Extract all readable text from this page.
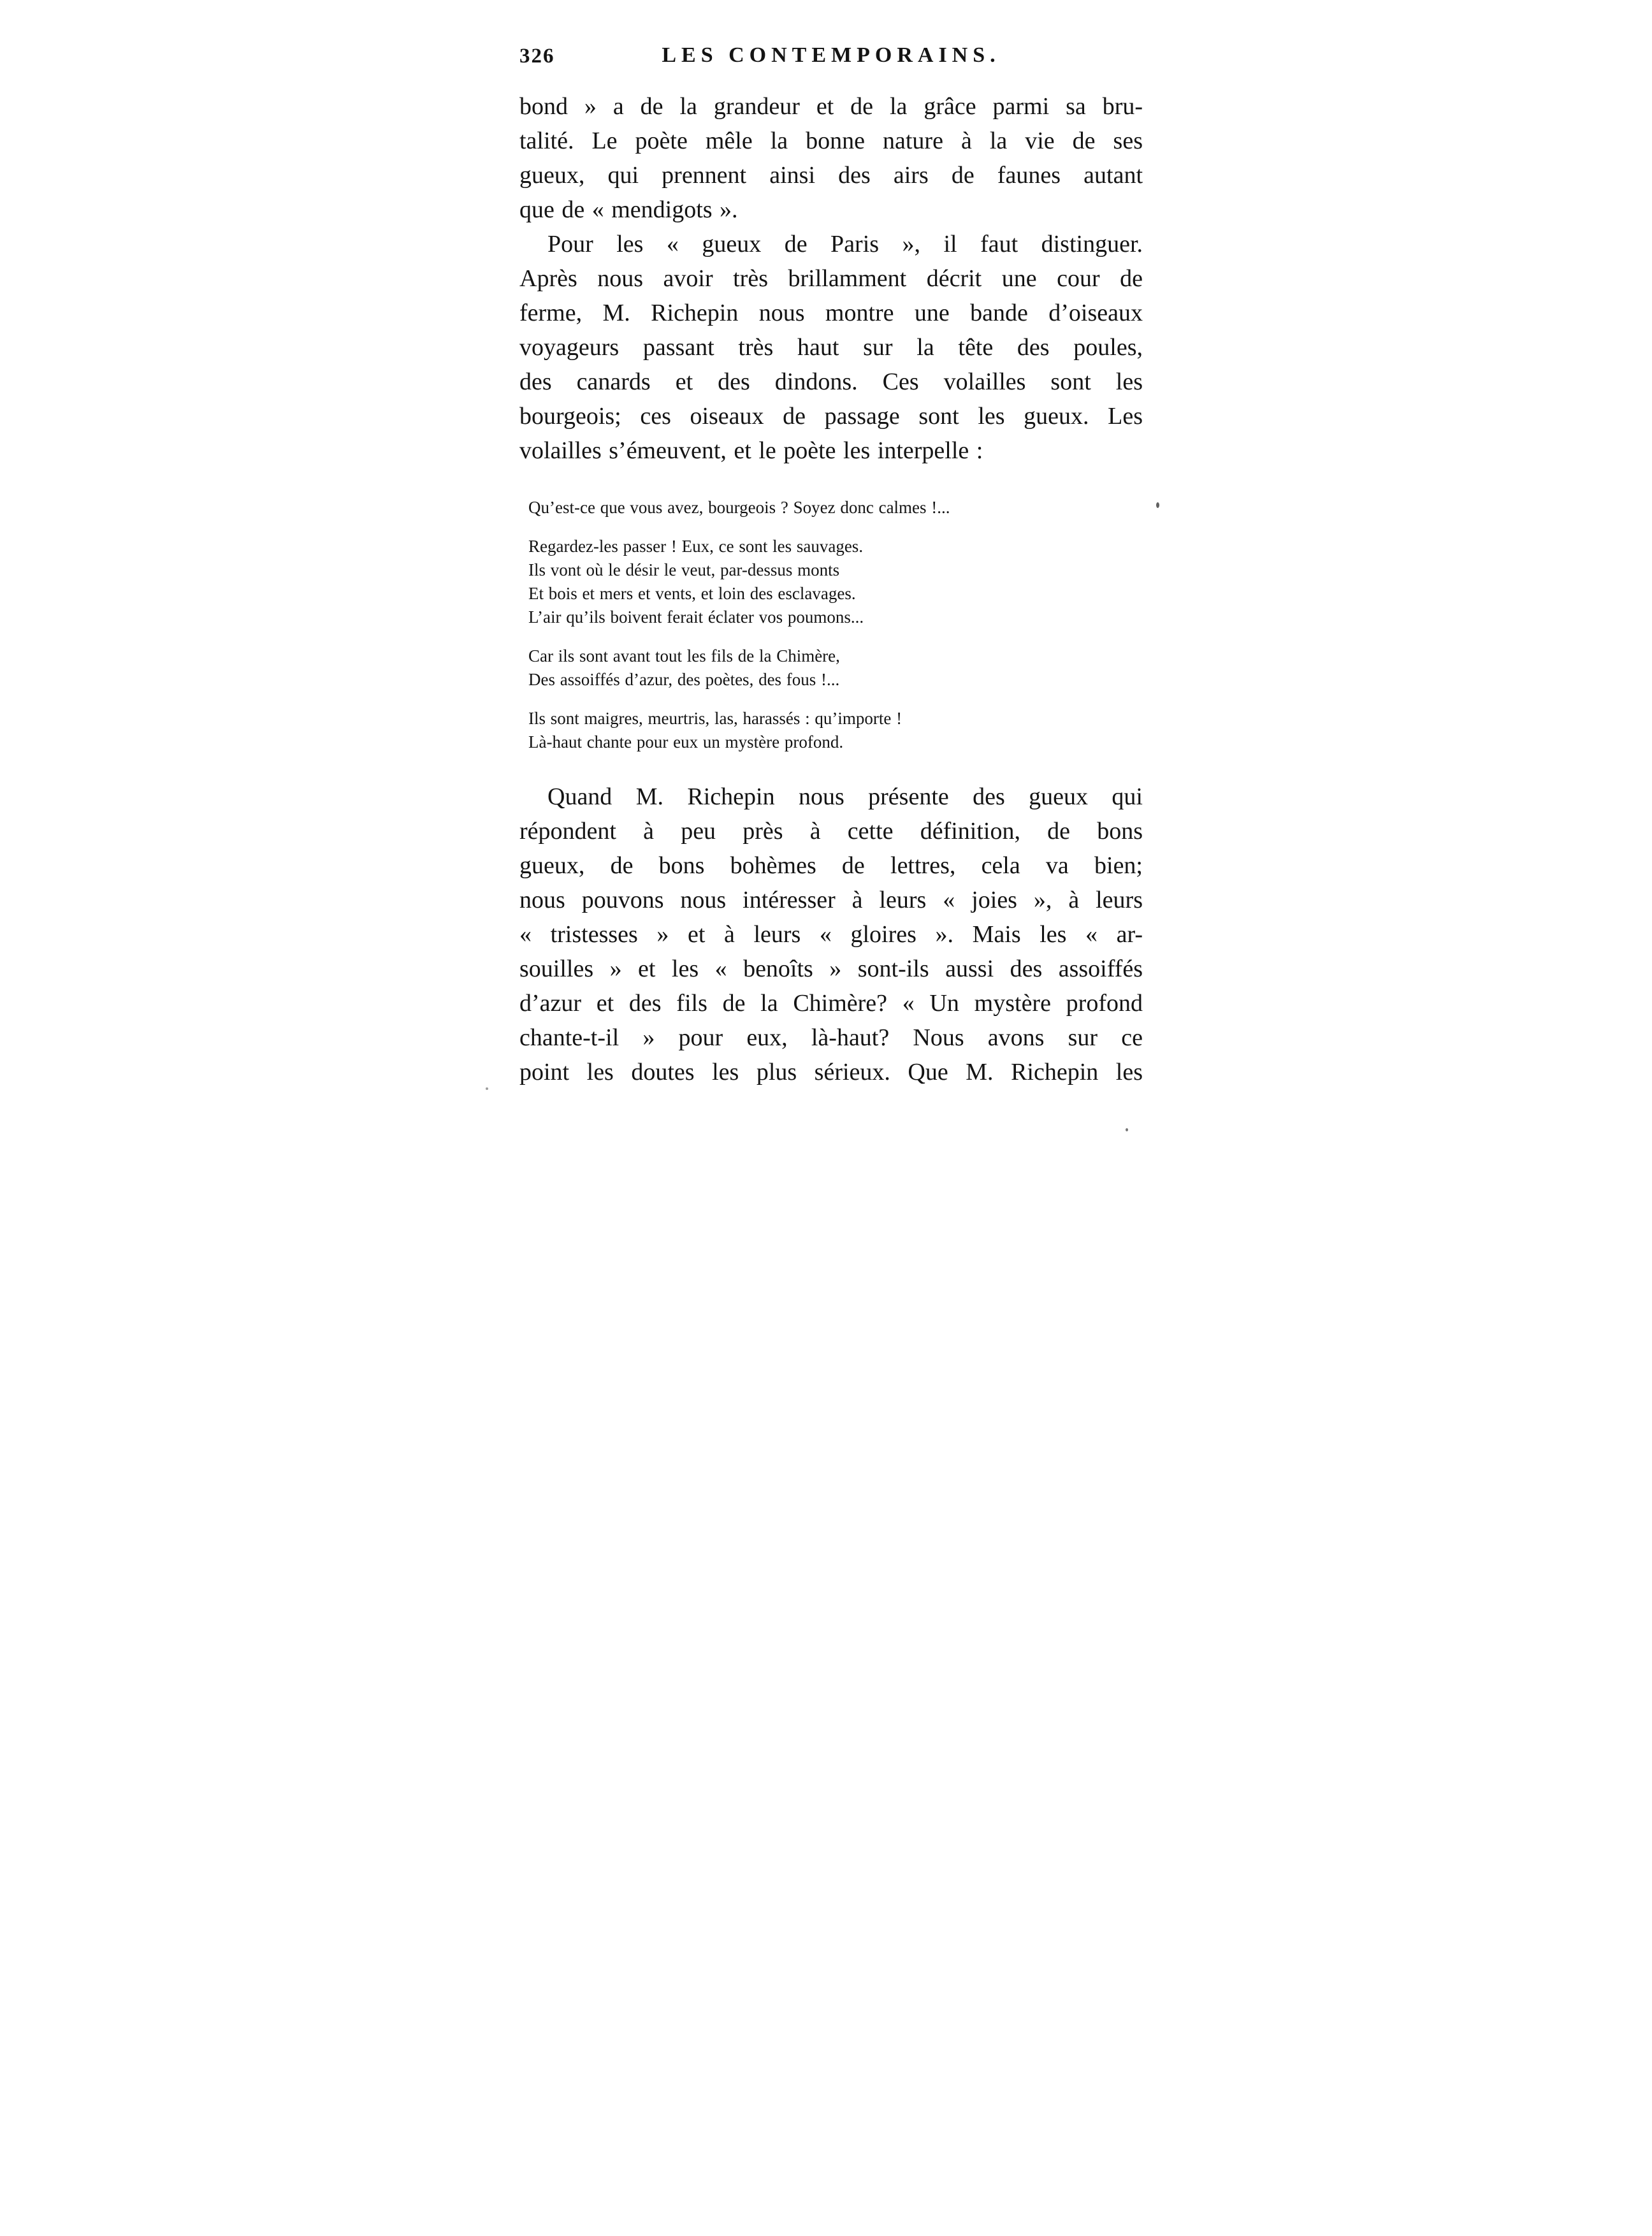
326	LES CONTEMPORAINS.
bond » a de la grandeur et de la grâce parmi sa bru-
talité. Le poète mêle la bonne nature à la vie de ses
gueux, qui prennent ainsi des airs de faunes autant
que de « mendigots ».
Pour les « gueux de Paris », il faut distinguer.
Après nous avoir très brillamment décrit une cour de
ferme, M. Richepin nous montre une bande d’oiseaux
voyageurs passant très haut sur la tête des poules,
des canards et des dindons. Ces volailles sont les
bourgeois; ces oiseaux de passage sont les gueux. Les
volailles s’émeuvent, et le poète les interpelle :
Qu’est-ce que vous avez, bourgeois ? Soyez donc calmes !...
Regardez-les passer ! Eux, ce sont les sauvages.
Ils vont où le désir le veut, par-dessus monts
Et bois et mers et vents, et loin des esclavages.
L’air qu’ils boivent ferait éclater vos poumons...
Car ils sont avant tout les fils de la Chimère,
Des assoiffés d’azur, des poètes, des fous !...
Ils sont maigres, meurtris, las, harassés : qu’importe !
Là-haut chante pour eux un mystère profond.
Quand M. Richepin nous présente des gueux qui
répondent à peu près à cette définition, de bons
gueux, de bons bohèmes de lettres, cela va bien;
nous pouvons nous intéresser à leurs « joies », à leurs
« tristesses » et à leurs « gloires ». Mais les « ar-
souilles » et les « benoîts » sont-ils aussi des assoiffés
d’azur et des fils de la Chimère? « Un mystère profond
chante-t-il » pour eux, là-haut? Nous avons sur ce
point les doutes les plus sérieux. Que M. Richepin les
